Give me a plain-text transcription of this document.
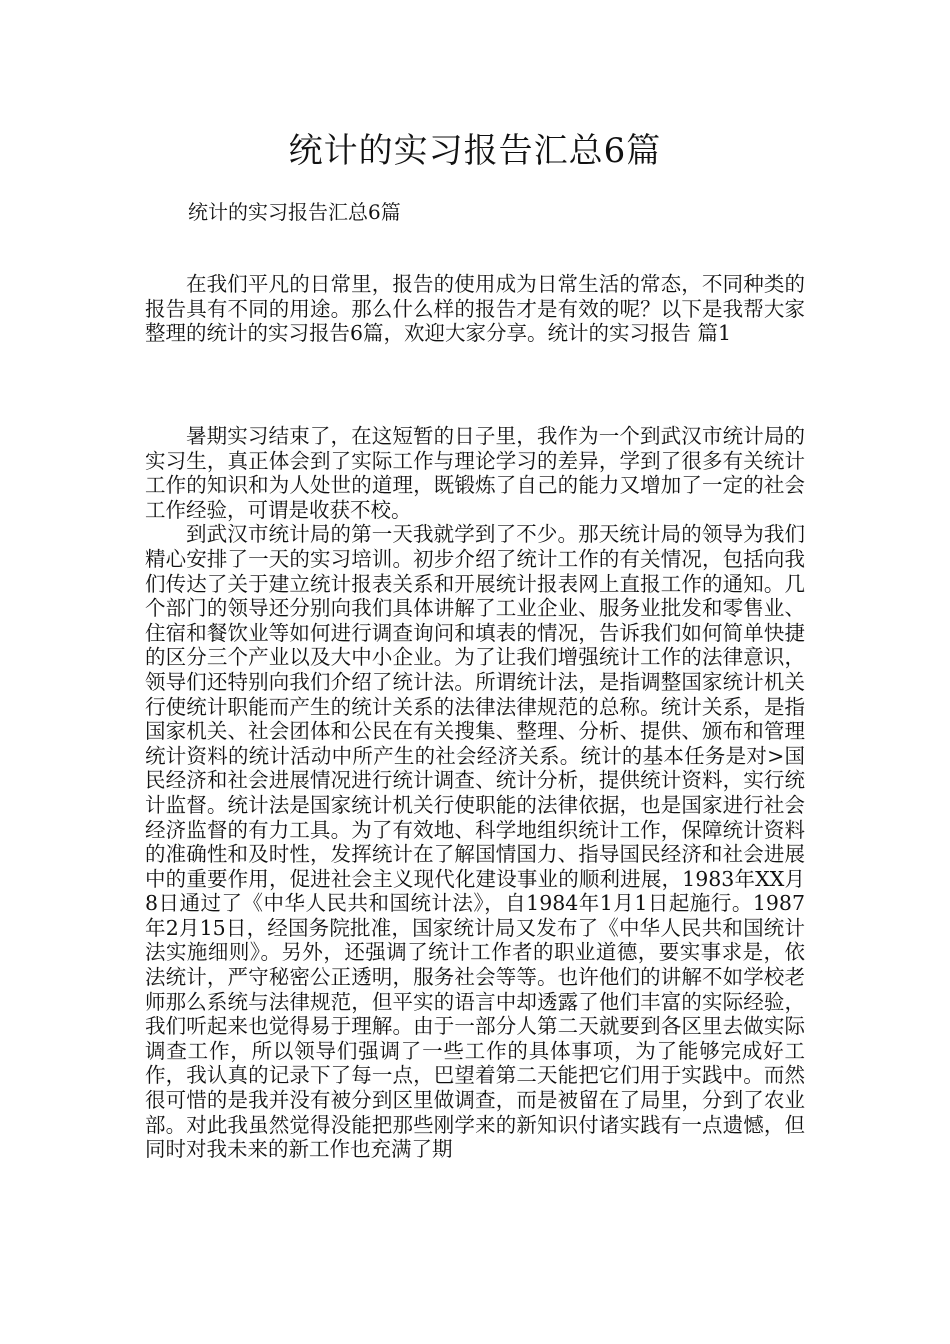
统计的实习报告汇总6篇
统计的实习报告汇总6篇

在我们平凡的日常里，报告的使用成为日常生活的常态，不同种类的报告具有不同的用途。那么什么样的报告才是有效的呢？以下是我帮大家整理的统计的实习报告6篇，欢迎大家分享。统计的实习报告 篇1

暑期实习结束了，在这短暂的日子里，我作为一个到武汉市统计局的实习生，真正体会到了实际工作与理论学习的差异，学到了很多有关统计工作的知识和为人处世的道理，既锻炼了自己的能力又增加了一定的社会工作经验，可谓是收获不校。

到武汉市统计局的第一天我就学到了不少。那天统计局的领导为我们精心安排了一天的实习培训。初步介绍了统计工作的有关情况，包括向我们传达了关于建立统计报表关系和开展统计报表网上直报工作的通知。几个部门的领导还分别向我们具体讲解了工业企业、服务业批发和零售业、住宿和餐饮业等如何进行调查询问和填表的情况，告诉我们如何简单快捷的区分三个产业以及大中小企业。为了让我们增强统计工作的法律意识，领导们还特别向我们介绍了统计法。所谓统计法，是指调整国家统计机关行使统计职能而产生的统计关系的法律法律规范的总称。统计关系，是指国家机关、社会团体和公民在有关搜集、整理、分析、提供、颁布和管理统计资料的统计活动中所产生的社会经济关系。统计的基本任务是对>国民经济和社会进展情况进行统计调查、统计分析，提供统计资料，实行统计监督。统计法是国家统计机关行使职能的法律依据，也是国家进行社会经济监督的有力工具。为了有效地、科学地组织统计工作，保障统计资料的准确性和及时性，发挥统计在了解国情国力、指导国民经济和社会进展中的重要作用，促进社会主义现代化建设事业的顺利进展，1983年XX月8日通过了《中华人民共和国统计法》，自1984年1月1日起施行。1987年2月15日，经国务院批准，国家统计局又发布了《中华人民共和国统计法实施细则》。另外，还强调了统计工作者的职业道德，要实事求是，依法统计，严守秘密公正透明，服务社会等等。也许他们的讲解不如学校老师那么系统与法律规范，但平实的语言中却透露了他们丰富的实际经验，我们听起来也觉得易于理解。由于一部分人第二天就要到各区里去做实际调查工作，所以领导们强调了一些工作的具体事项，为了能够完成好工作，我认真的记录下了每一点，巴望着第二天能把它们用于实践中。而然很可惜的是我并没有被分到区里做调查，而是被留在了局里，分到了农业部。对此我虽然觉得没能把那些刚学来的新知识付诸实践有一点遗憾，但同时对我未来的新工作也充满了期
